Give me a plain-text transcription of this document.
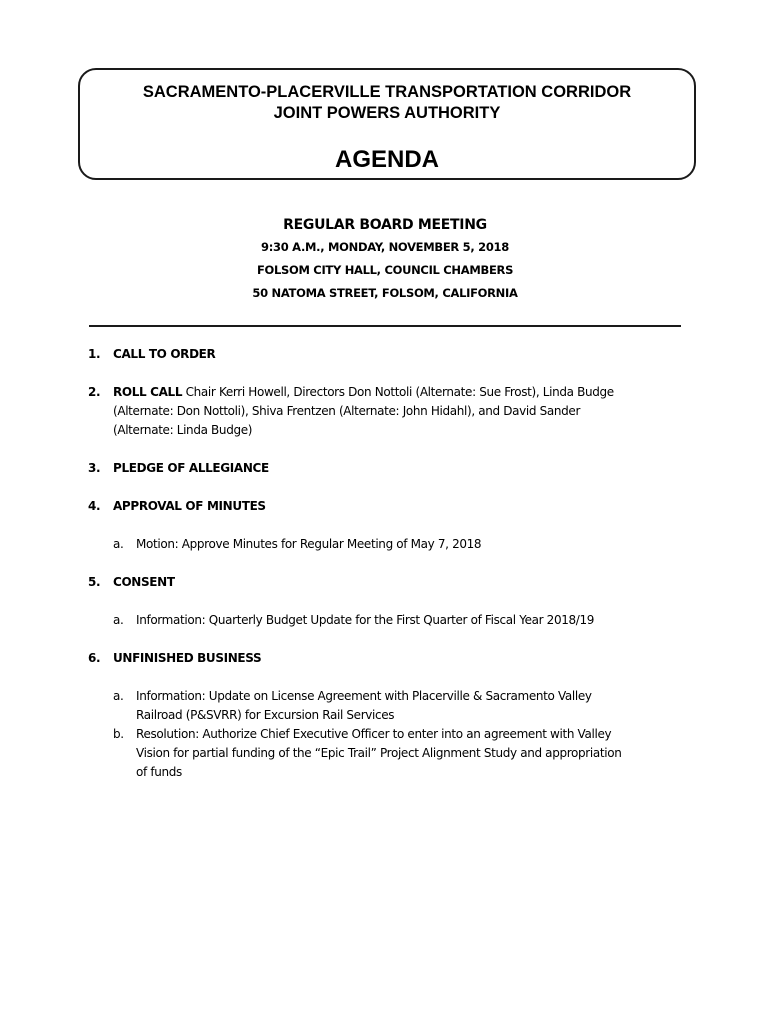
SACRAMENTO-PLACERVILLE TRANSPORTATION CORRIDOR
JOINT POWERS AUTHORITY
AGENDA
REGULAR BOARD MEETING
9:30 A.M., MONDAY, NOVEMBER 5, 2018
FOLSOM CITY HALL, COUNCIL CHAMBERS
50 NATOMA STREET, FOLSOM, CALIFORNIA
1. CALL TO ORDER
2. ROLL CALL Chair Kerri Howell, Directors Don Nottoli (Alternate: Sue Frost), Linda Budge
(Alternate: Don Nottoli), Shiva Frentzen (Alternate: John Hidahl), and David Sander
(Alternate: Linda Budge)
3. PLEDGE OF ALLEGIANCE
4. APPROVAL OF MINUTES
a. Motion: Approve Minutes for Regular Meeting of May 7, 2018
5. CONSENT
a. Information: Quarterly Budget Update for the First Quarter of Fiscal Year 2018/19
6. UNFINISHED BUSINESS
a. Information: Update on License Agreement with Placerville & Sacramento Valley
Railroad (P&SVRR) for Excursion Rail Services
b. Resolution: Authorize Chief Executive Officer to enter into an agreement with Valley
Vision for partial funding of the “Epic Trail” Project Alignment Study and appropriation
of funds
